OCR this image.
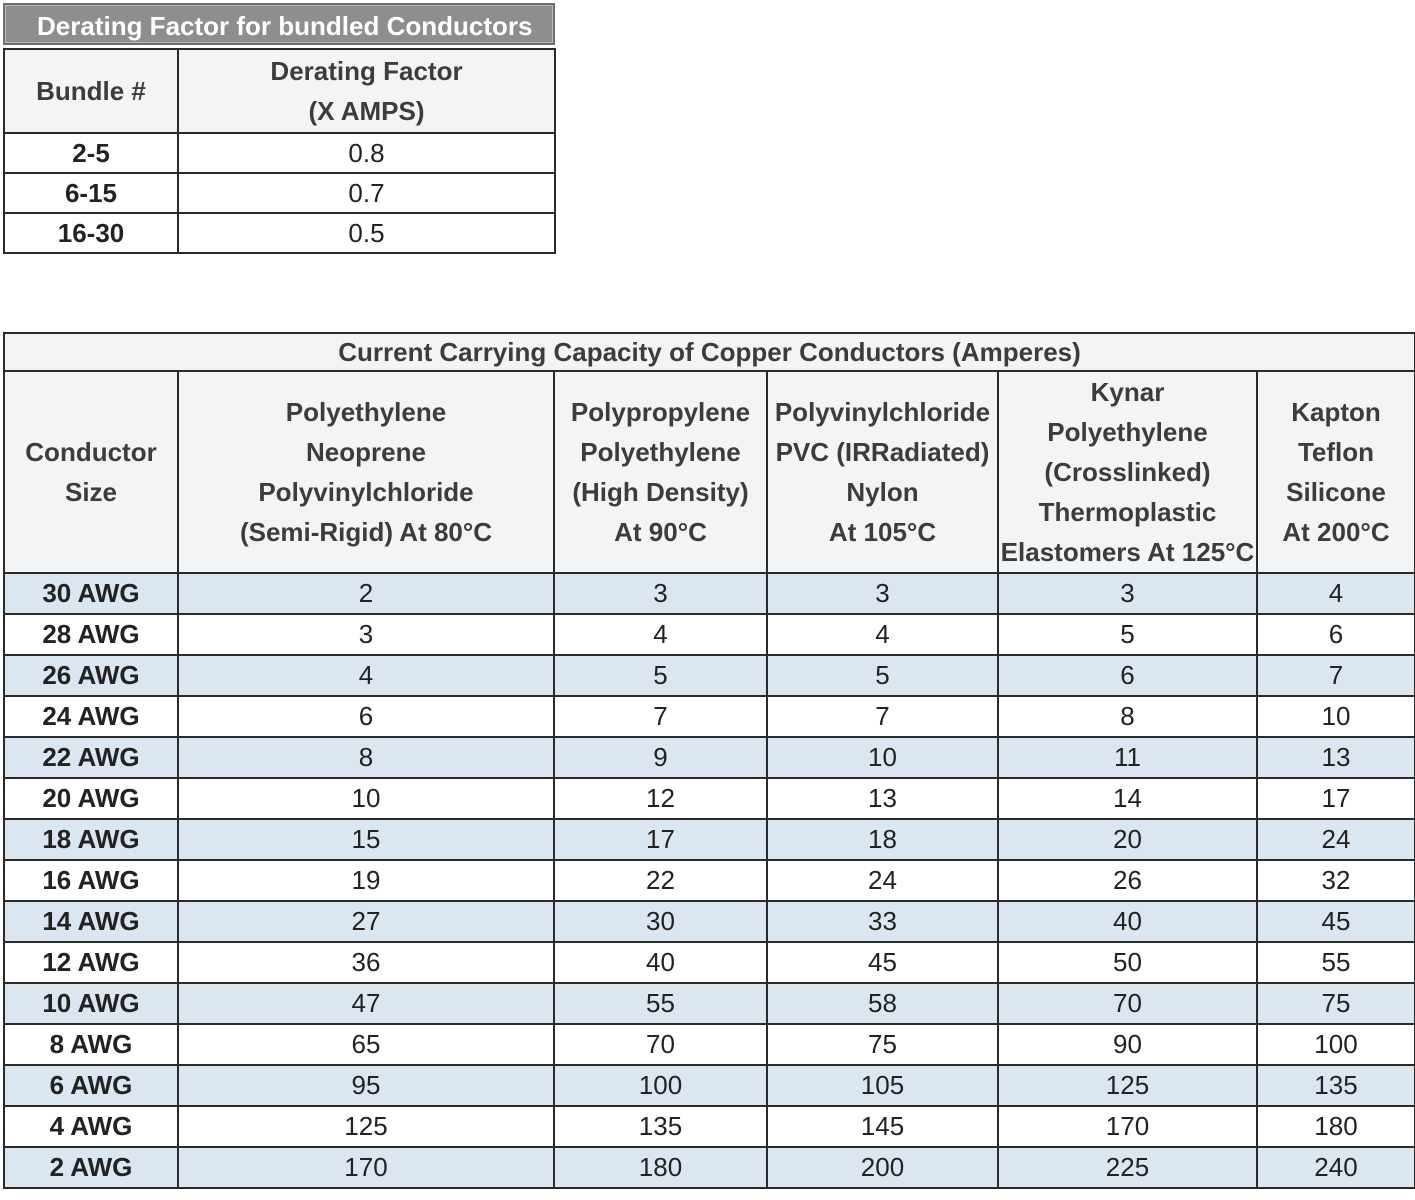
Derating Factor for bundled Conductors
Bundle #	Derating Factor
(X AMPS)

2-5	0.8
6-15	0.7
16-30	0.5
Current Carrying Capacity of Copper Conductors (Amperes)					

Conductor
Size	Polyethylene
Neoprene
Polyvinylchloride
(Semi-Rigid) At 80°C	Polypropylene
Polyethylene
(High Density)
At 90°C	Polyvinylchloride
PVC (IRRadiated)
Nylon
At 105°C	Kynar
Polyethylene
(Crosslinked)
Thermoplastic
Elastomers At 125°C	Kapton
Teflon
Silicone
At 200°C

30 AWG	2	3	3	3	4
28 AWG	3	4	4	5	6
26 AWG	4	5	5	6	7
24 AWG	6	7	7	8	10
22 AWG	8	9	10	11	13
20 AWG	10	12	13	14	17
18 AWG	15	17	18	20	24
16 AWG	19	22	24	26	32
14 AWG	27	30	33	40	45
12 AWG	36	40	45	50	55
10 AWG	47	55	58	70	75
8 AWG	65	70	75	90	100
6 AWG	95	100	105	125	135
4 AWG	125	135	145	170	180
2 AWG	170	180	200	225	240
